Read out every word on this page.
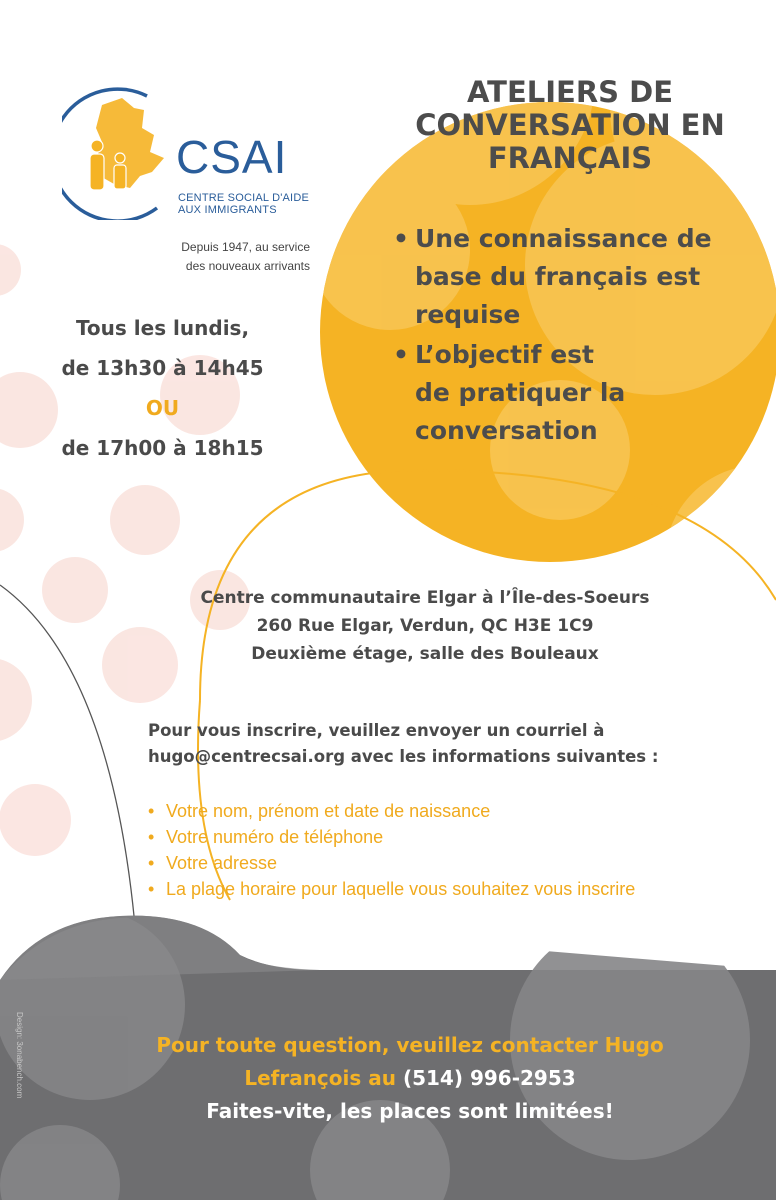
CSAI
CENTRE SOCIAL D'AIDE
AUX IMMIGRANTS
Depuis 1947, au service
des nouveaux arrivants
Tous les lundis,
de 13h30 à 14h45
OU
de 17h00 à 18h15
ATELIERS DE
CONVERSATION EN
FRANÇAIS
• Une connaissance de
base du français est
requise
• L’objectif est
de pratiquer la
conversation
Centre communautaire Elgar à l’Île-des-Soeurs
260 Rue Elgar, Verdun, QC H3E 1C9
Deuxième étage, salle des Bouleaux
Pour vous inscrire, veuillez envoyer un courriel à
hugo@centrecsai.org avec les informations suivantes :
• Votre nom, prénom et date de naissance
• Votre numéro de téléphone
• Votre adresse
• La plage horaire pour laquelle vous souhaitez vous inscrire
Pour toute question, veuillez contacter Hugo
Lefrançois au (514) 996-2953
Faites-vite, les places sont limitées!
Design: 3onabench.com
